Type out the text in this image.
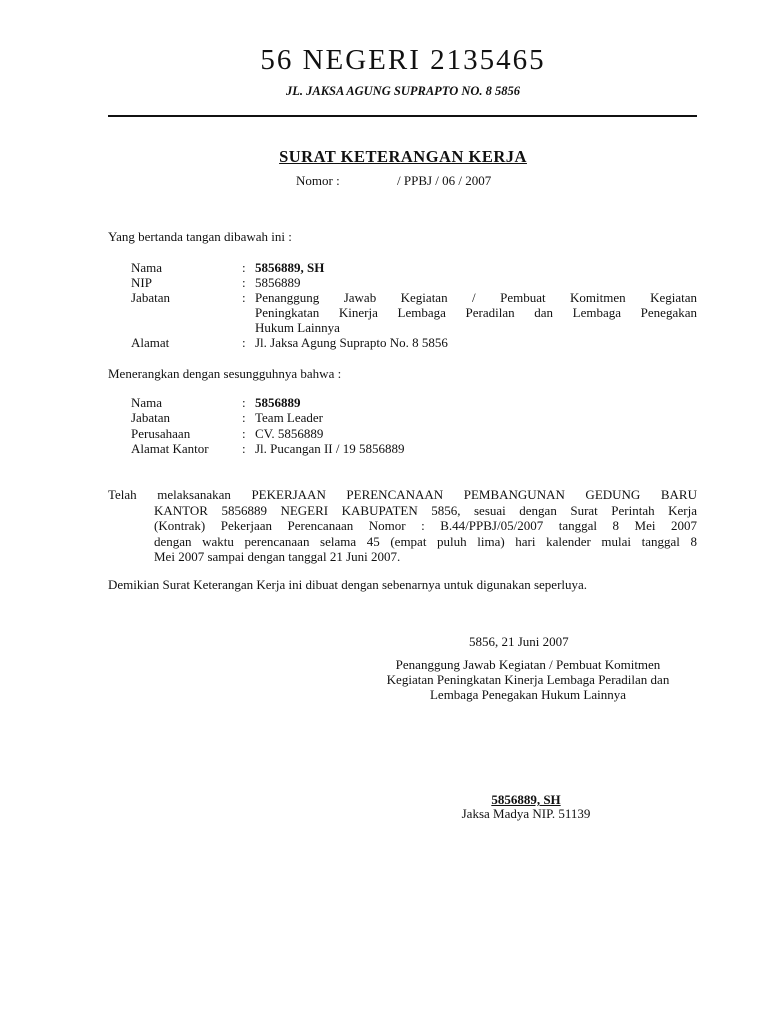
56 NEGERI 2135465
JL. JAKSA AGUNG SUPRAPTO NO. 8 5856
SURAT KETERANGAN KERJA
Nomor :	/ PPBJ / 06 / 2007
Yang bertanda tangan dibawah ini :
Nama	: 5856889, SH
NIP	: 5856889
Jabatan	: Penanggung Jawab Kegiatan / Pembuat Komitmen Kegiatan
Peningkatan Kinerja Lembaga Peradilan dan Lembaga Penegakan
Hukum Lainnya
Alamat	: Jl. Jaksa Agung Suprapto No. 8 5856
Menerangkan dengan sesungguhnya bahwa :
Nama	: 5856889
Jabatan	: Team Leader
Perusahaan	: CV. 5856889
Alamat Kantor	: Jl. Pucangan II / 19 5856889
Telah melaksanakan PEKERJAAN PERENCANAAN PEMBANGUNAN GEDUNG BARU
KANTOR 5856889 NEGERI KABUPATEN 5856, sesuai dengan Surat Perintah Kerja
(Kontrak) Pekerjaan Perencanaan Nomor : B.44/PPBJ/05/2007 tanggal 8 Mei 2007
dengan waktu perencanaan selama 45 (empat puluh lima) hari kalender mulai tanggal 8
Mei 2007 sampai dengan tanggal 21 Juni 2007.
Demikian Surat Keterangan Kerja ini dibuat dengan sebenarnya untuk digunakan seperluya.
5856, 21 Juni 2007
Penanggung Jawab Kegiatan / Pembuat Komitmen
Kegiatan Peningkatan Kinerja Lembaga Peradilan dan
Lembaga Penegakan Hukum Lainnya
5856889, SH
Jaksa Madya NIP. 51139
